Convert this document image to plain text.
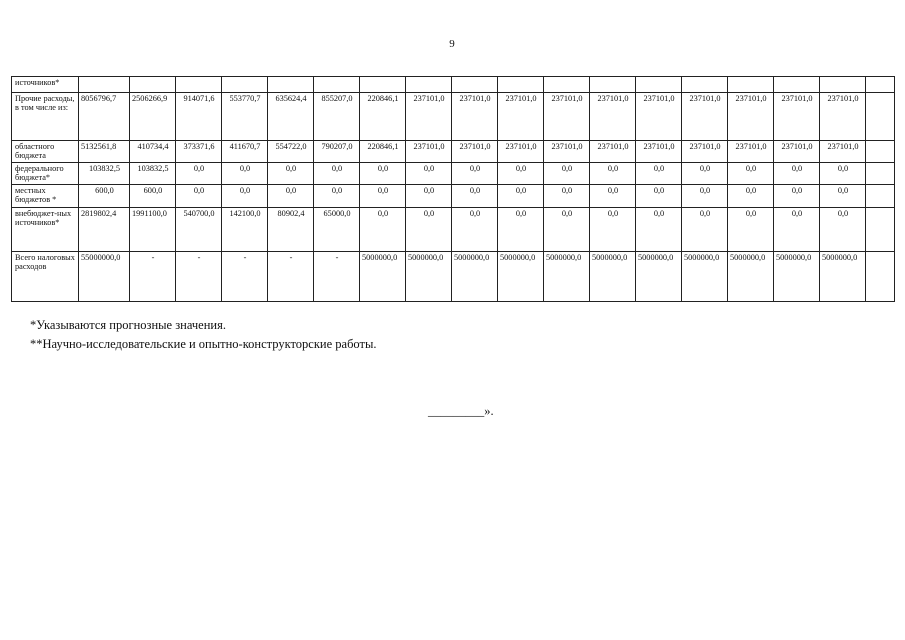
9
источников*																		
Прочие расходы, в том числе из:	8056796,7	2506266,9	914071,6	553770,7	635624,4	855207,0	220846,1	237101,0	237101,0	237101,0	237101,0	237101,0	237101,0	237101,0	237101,0	237101,0	237101,0	
областного бюджета	5132561,8	410734,4	373371,6	411670,7	554722,0	790207,0	220846,1	237101,0	237101,0	237101,0	237101,0	237101,0	237101,0	237101,0	237101,0	237101,0	237101,0	
федерального бюджета*	103832,5	103832,5	0,0	0,0	0,0	0,0	0,0	0,0	0,0	0,0	0,0	0,0	0,0	0,0	0,0	0,0	0,0	
местных бюджетов *	600,0	600,0	0,0	0,0	0,0	0,0	0,0	0,0	0,0	0,0	0,0	0,0	0,0	0,0	0,0	0,0	0,0	
внебюджет-ных источников*	2819802,4	1991100,0	540700,0	142100,0	80902,4	65000,0	0,0	0,0	0,0	0,0	0,0	0,0	0,0	0,0	0,0	0,0	0,0	
Всего налоговых расходов	55000000,0	-	-	-	-	-	5000000,0	5000000,0	5000000,0	5000000,0	5000000,0	5000000,0	5000000,0	5000000,0	5000000,0	5000000,0	5000000,0	
*Указываются прогнозные значения.
**Научно-исследовательские и опытно-конструкторские работы.
_________».
